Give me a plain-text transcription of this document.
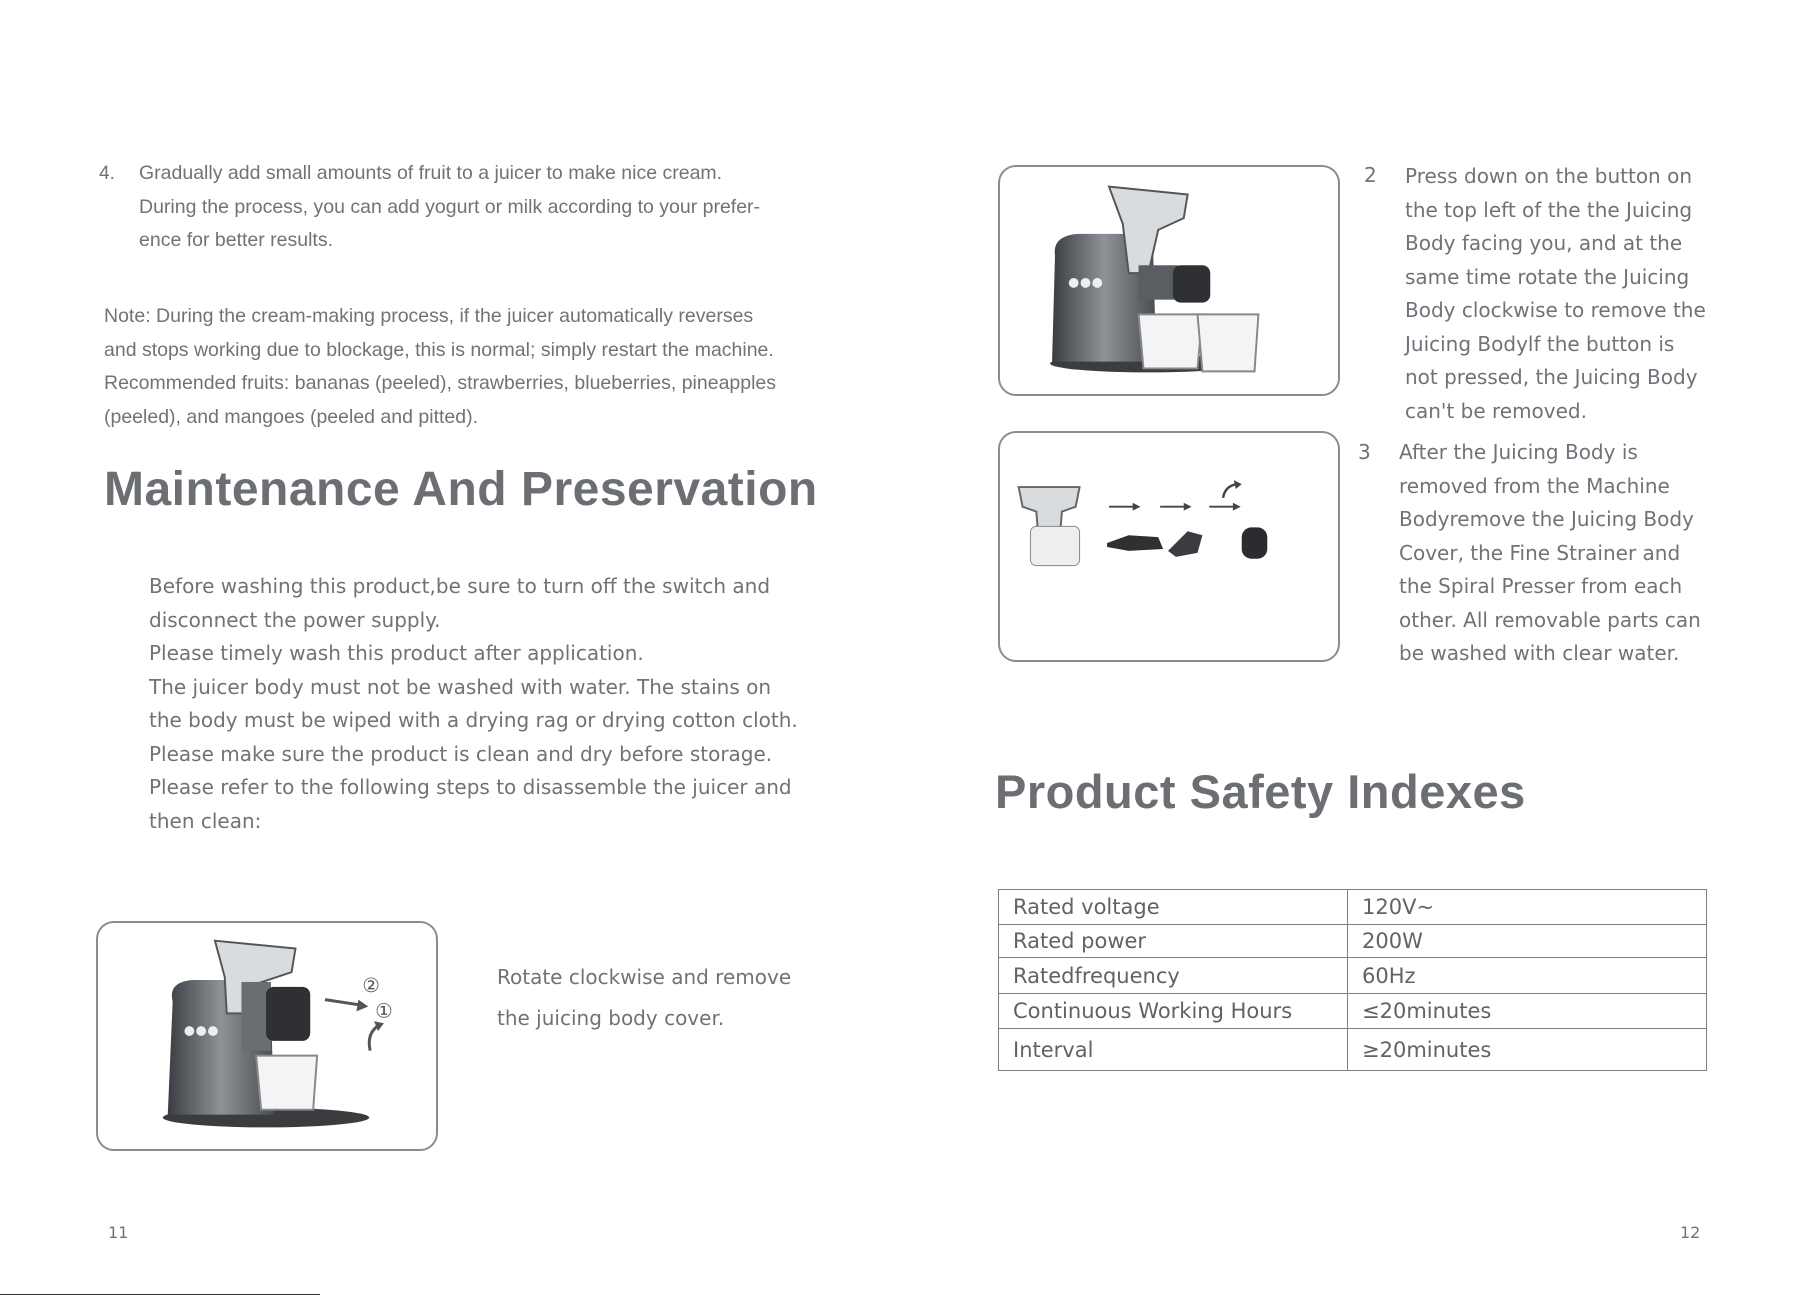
4. Gradually add small amounts of fruit to a juicer to make nice cream.
During the process, you can add yogurt or milk according to your prefer-
ence for better results.
Note: During the cream-making process, if the juicer automatically reverses
and stops working due to blockage, this is normal; simply restart the machine.
Recommended fruits: bananas (peeled), strawberries, blueberries, pineapples
(peeled), and mangoes (peeled and pitted).
Maintenance And Preservation
Before washing this product,be sure to turn off the switch and
disconnect the power supply.
Please timely wash this product after application.
The juicer body must not be washed with water. The stains on
the body must be wiped with a drying rag or drying cotton cloth.
Please make sure the product is clean and dry before storage.
Please refer to the following steps to disassemble the juicer and
then clean:
②
①
Rotate clockwise and remove
the juicing body cover.
11
2 Press down on the button on
the top left of the the Juicing
Body facing you, and at the
same time rotate the Juicing
Body clockwise to remove the
Juicing Bodylf the button is
not pressed, the Juicing Body
can't be removed.
3 After the Juicing Body is
removed from the Machine
Bodyremove the Juicing Body
Cover, the Fine Strainer and
the Spiral Presser from each
other. All removable parts can
be washed with clear water.
Product Safety Indexes
Rated voltage	120V~
Rated power	200W
Ratedfrequency	60Hz
Continuous Working Hours	≤20minutes
Interval	≥20minutes
12
